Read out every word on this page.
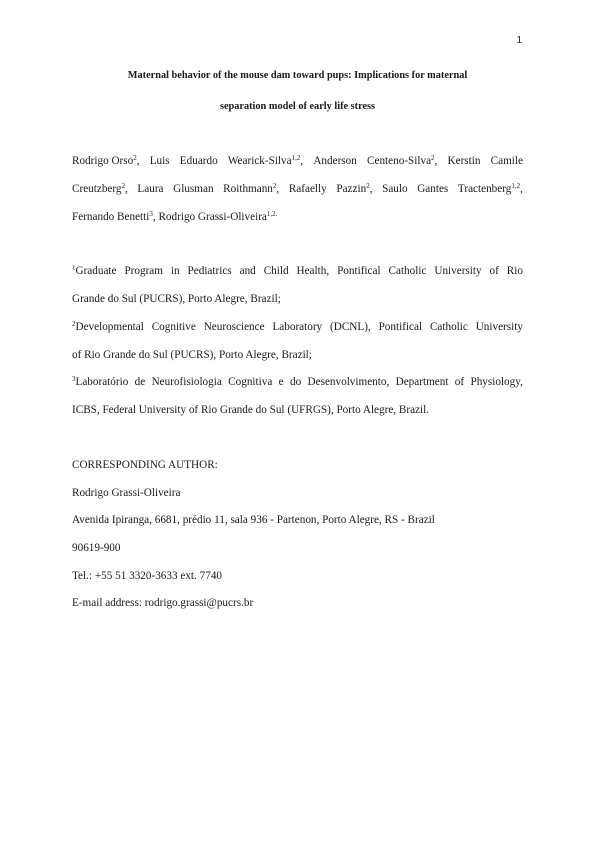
1
Maternal behavior of the mouse dam toward pups: Implications for maternal
separation model of early life stress
Rodrigo Orso$^2$, Luis Eduardo Wearick-Silva$^{1,2}$, Anderson Centeno-Silva$^2$, Kerstin Camile
Creutzberg$^2$, Laura Glusman Roithmann$^2$, Rafaelly Pazzin$^2$, Saulo Gantes Tractenberg$^{1,2}$,
Fernando Benetti$^3$, Rodrigo Grassi-Oliveira$^{1,2.}$
$^1$Graduate Program in Pediatrics and Child Health, Pontifical Catholic University of Rio
Grande do Sul (PUCRS), Porto Alegre, Brazil;
$^2$Developmental Cognitive Neuroscience Laboratory (DCNL), Pontifical Catholic University
of Rio Grande do Sul (PUCRS), Porto Alegre, Brazil;
$^3$Laboratório de Neurofisiologia Cognitiva e do Desenvolvimento, Department of Physiology,
ICBS, Federal University of Rio Grande do Sul (UFRGS), Porto Alegre, Brazil.
CORRESPONDING AUTHOR:
Rodrigo Grassi-Oliveira
Avenida Ipiranga, 6681, prédio 11, sala 936 - Partenon, Porto Alegre, RS - Brazil
90619-900
Tel.: +55 51 3320-3633 ext. 7740
E-mail address: rodrigo.grassi@pucrs.br
